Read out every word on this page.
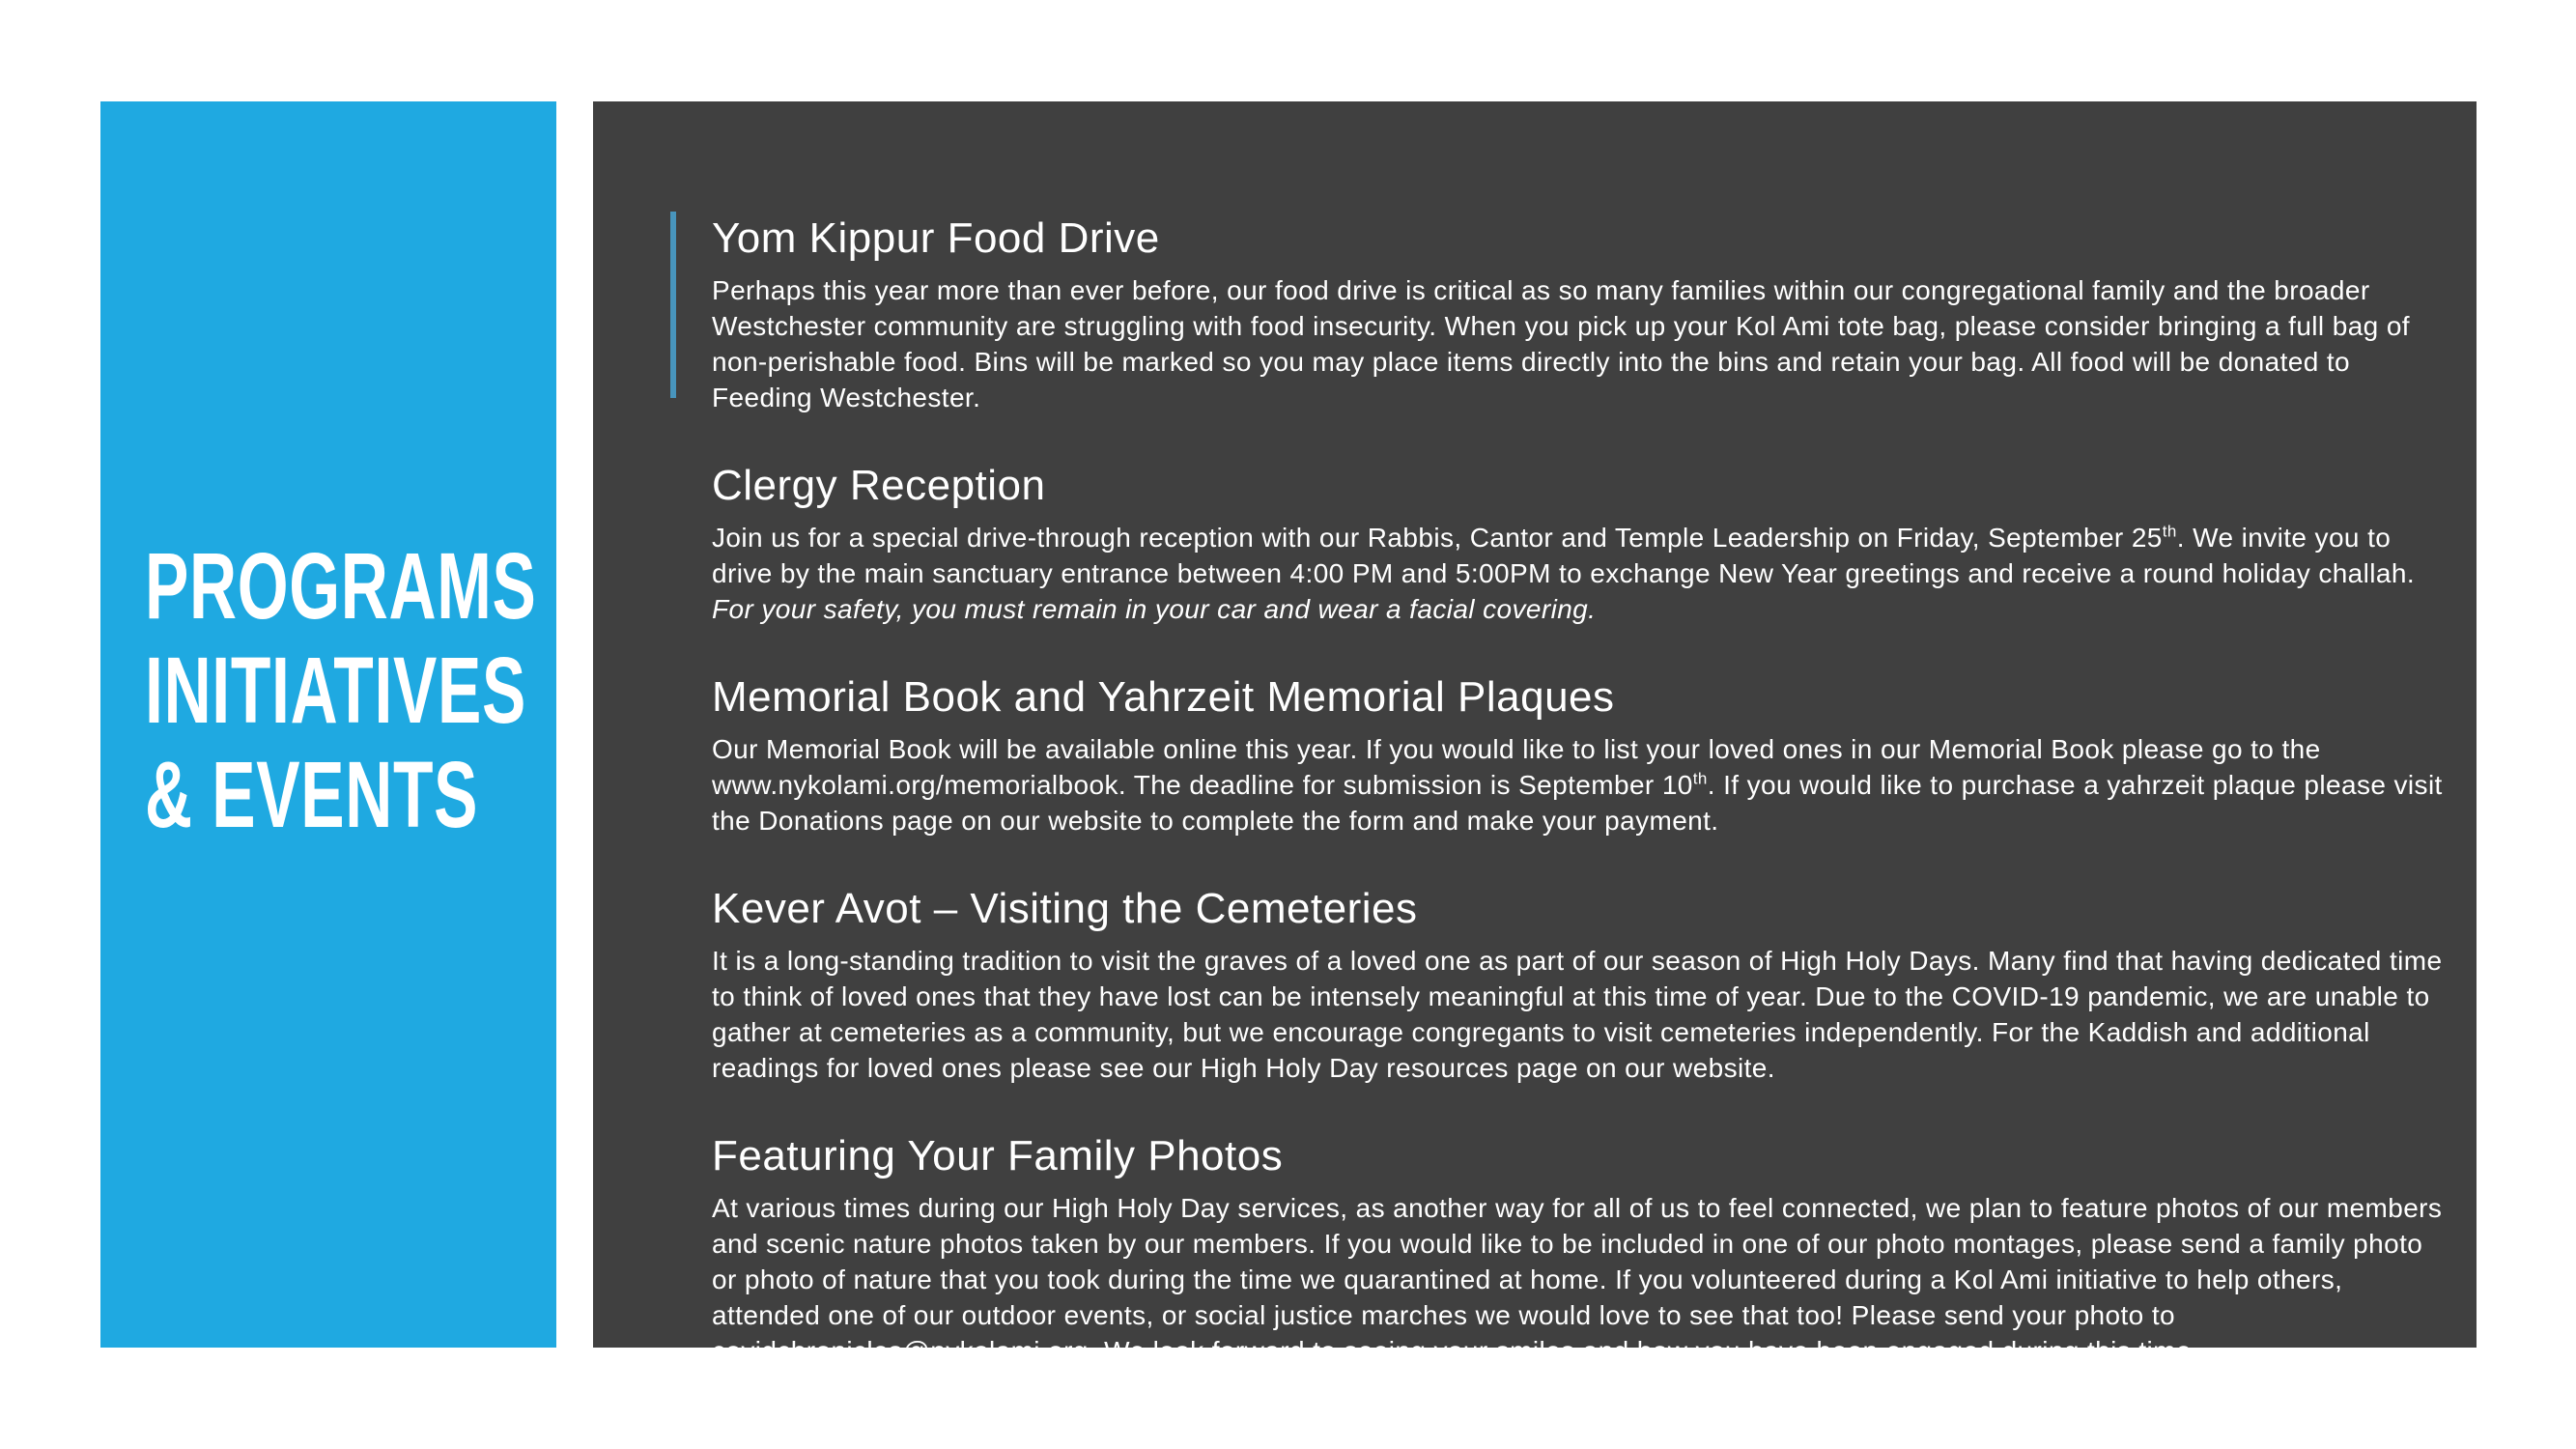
PROGRAMS
INITIATIVES
& EVENTS
Yom Kippur Food Drive
Perhaps this year more than ever before, our food drive is critical as so many families within our congregational family and the broader Westchester community are struggling with food insecurity. When you pick up your Kol Ami tote bag, please consider bringing a full bag of non-perishable food. Bins will be marked so you may place items directly into the bins and retain your bag. All food will be donated to Feeding Westchester.
Clergy Reception
Join us for a special drive-through reception with our Rabbis, Cantor and Temple Leadership on Friday, September 25th. We invite you to drive by the main sanctuary entrance between 4:00 PM and 5:00PM to exchange New Year greetings and receive a round holiday challah. For your safety, you must remain in your car and wear a facial covering.
Memorial Book and Yahrzeit Memorial Plaques
Our Memorial Book will be available online this year. If you would like to list your loved ones in our Memorial Book please go to the www.nykolami.org/memorialbook. The deadline for submission is September 10th. If you would like to purchase a yahrzeit plaque please visit the Donations page on our website to complete the form and make your payment.
Kever Avot – Visiting the Cemeteries
It is a long-standing tradition to visit the graves of a loved one as part of our season of High Holy Days. Many find that having dedicated time to think of loved ones that they have lost can be intensely meaningful at this time of year. Due to the COVID-19 pandemic, we are unable to gather at cemeteries as a community, but we encourage congregants to visit cemeteries independently. For the Kaddish and additional readings for loved ones please see our High Holy Day resources page on our website.
Featuring Your Family Photos
At various times during our High Holy Day services, as another way for all of us to feel connected, we plan to feature photos of our members and scenic nature photos taken by our members. If you would like to be included in one of our photo montages, please send a family photo or photo of nature that you took during the time we quarantined at home. If you volunteered during a Kol Ami initiative to help others, attended one of our outdoor events, or social justice marches we would love to see that too! Please send your photo to covidchronicles@nykolami.org. We look forward to seeing your smiles and how you have been engaged during this time.
